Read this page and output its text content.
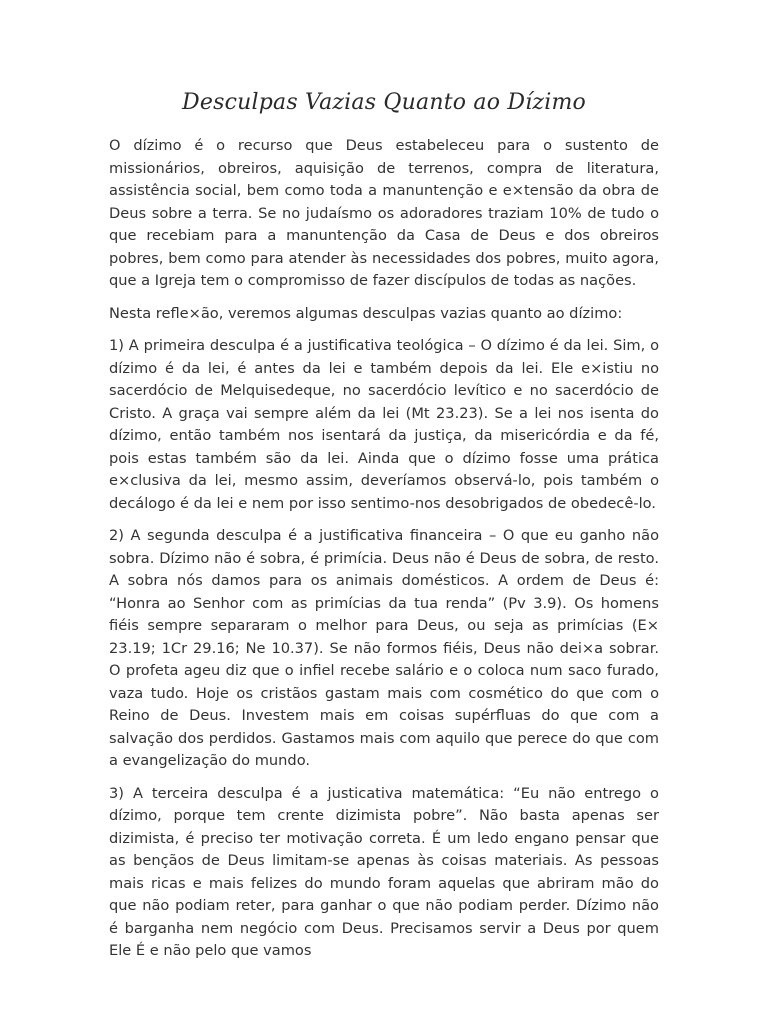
Desculpas Vazias Quanto ao Dízimo

O dízimo é o recurso que Deus estabeleceu para o sustento de missionários, obreiros, aquisição de terrenos, compra de literatura, assistência social, bem como toda a manuntenção e e×tensão da obra de Deus sobre a terra. Se no judaísmo os adoradores traziam 10% de tudo o que recebiam para a manuntenção da Casa de Deus e dos obreiros pobres, bem como para atender às necessidades dos pobres, muito agora, que a Igreja tem o compromisso de fazer discípulos de todas as nações.

Nesta refle×ão, veremos algumas desculpas vazias quanto ao dízimo:

1) A primeira desculpa é a justificativa teológica – O dízimo é da lei. Sim, o dízimo é da lei, é antes da lei e também depois da lei. Ele e×istiu no sacerdócio de Melquisedeque, no sacerdócio levítico e no sacerdócio de Cristo. A graça vai sempre além da lei (Mt 23.23). Se a lei nos isenta do dízimo, então também nos isentará da justiça, da misericórdia e da fé, pois estas também são da lei. Ainda que o dízimo fosse uma prática e×clusiva da lei, mesmo assim, deveríamos observá-lo, pois também o decálogo é da lei e nem por isso sentimo-nos desobrigados de obedecê-lo.

2) A segunda desculpa é a justificativa financeira – O que eu ganho não sobra. Dízimo não é sobra, é primícia. Deus não é Deus de sobra, de resto. A sobra nós damos para os animais domésticos. A ordem de Deus é: “Honra ao Senhor com as primícias da tua renda” (Pv 3.9). Os homens fiéis sempre separaram o melhor para Deus, ou seja as primícias (E× 23.19; 1Cr 29.16; Ne 10.37). Se não formos fiéis, Deus não dei×a sobrar. O profeta ageu diz que o infiel recebe salário e o coloca num saco furado, vaza tudo. Hoje os cristãos gastam mais com cosmético do que com o Reino de Deus. Investem mais em coisas supérfluas do que com a salvação dos perdidos. Gastamos mais com aquilo que perece do que com a evangelização do mundo.

3) A terceira desculpa é a justicativa matemática: “Eu não entrego o dízimo, porque tem crente dizimista pobre”. Não basta apenas ser dizimista, é preciso ter motivação correta. É um ledo engano pensar que as bençãos de Deus limitam-se apenas às coisas materiais. As pessoas mais ricas e mais felizes do mundo foram aquelas que abriram mão do que não podiam reter, para ganhar o que não podiam perder. Dízimo não é barganha nem negócio com Deus. Precisamos servir a Deus por quem Ele É e não pelo que vamos
